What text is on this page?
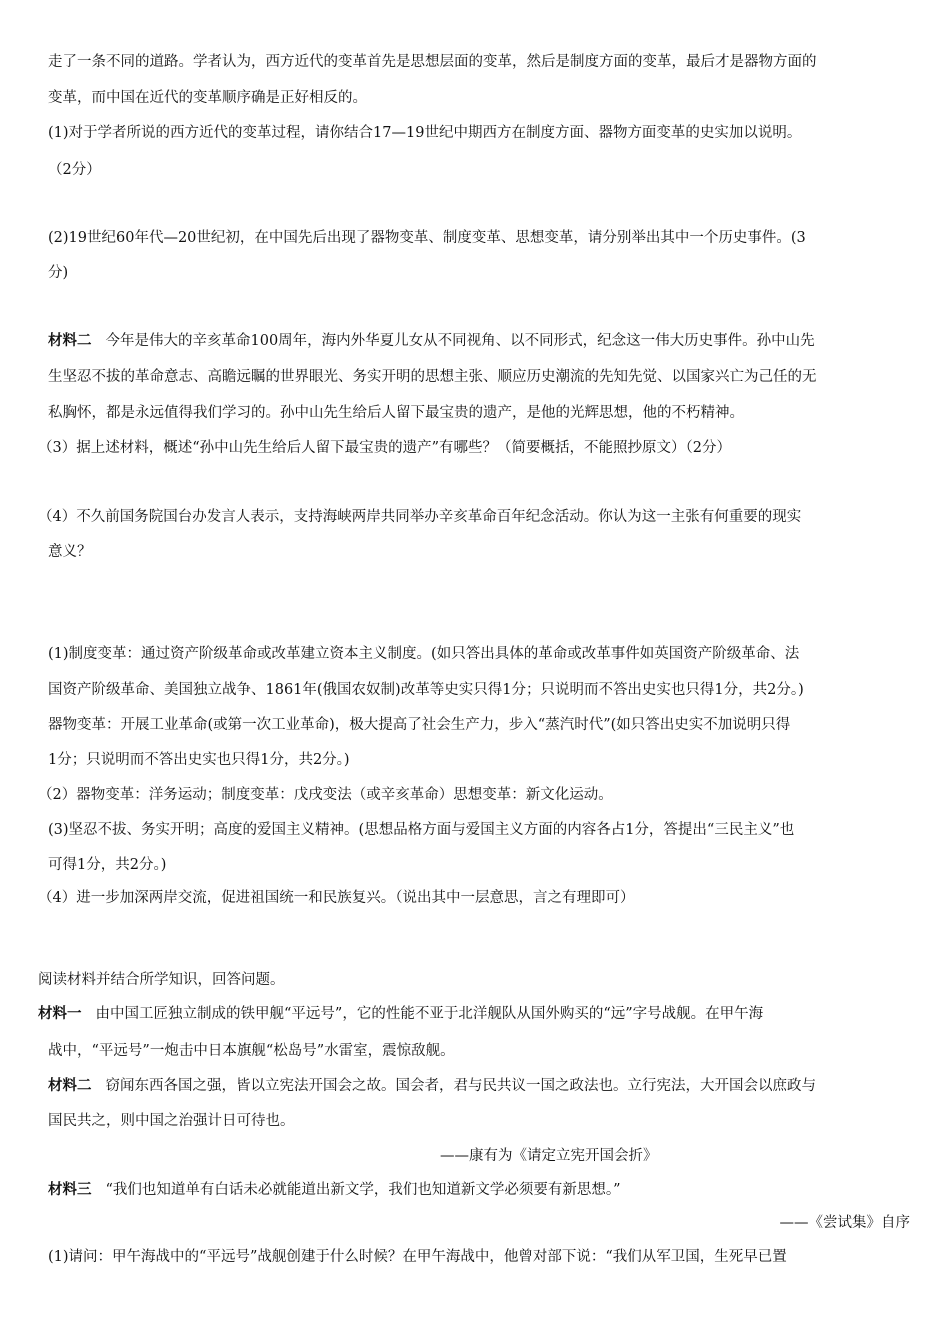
走了一条不同的道路。学者认为，西方近代的变革首先是思想层面的变革，然后是制度方面的变革，最后才是器物方面的
变革，而中国在近代的变革顺序确是正好相反的。
(1)对于学者所说的西方近代的变革过程，请你结合17—19世纪中期西方在制度方面、器物方面变革的史实加以说明。
（2分）
(2)19世纪60年代—20世纪初，在中国先后出现了器物变革、制度变革、思想变革，请分别举出其中一个历史事件。(3
分)
材料二 今年是伟大的辛亥革命100周年，海内外华夏儿女从不同视角、以不同形式，纪念这一伟大历史事件。孙中山先
生坚忍不拔的革命意志、高瞻远瞩的世界眼光、务实开明的思想主张、顺应历史潮流的先知先觉、以国家兴亡为己任的无
私胸怀，都是永远值得我们学习的。孙中山先生给后人留下最宝贵的遗产，是他的光辉思想，他的不朽精神。
（3）据上述材料，概述“孙中山先生给后人留下最宝贵的遗产”有哪些？（简要概括，不能照抄原文）（2分）
（4）不久前国务院国台办发言人表示，支持海峡两岸共同举办辛亥革命百年纪念活动。你认为这一主张有何重要的现实
意义？
(1)制度变革：通过资产阶级革命或改革建立资本主义制度。(如只答出具体的革命或改革事件如英国资产阶级革命、法
国资产阶级革命、美国独立战争、1861年(俄国农奴制)改革等史实只得1分；只说明而不答出史实也只得1分，共2分。)
器物变革：开展工业革命(或第一次工业革命)，极大提高了社会生产力，步入“蒸汽时代”(如只答出史实不加说明只得
1分；只说明而不答出史实也只得1分，共2分。)
（2）器物变革：洋务运动；制度变革：戊戌变法（或辛亥革命）思想变革：新文化运动。
(3)坚忍不拔、务实开明；高度的爱国主义精神。(思想品格方面与爱国主义方面的内容各占1分，答提出“三民主义”也
可得1分，共2分。)
（4）进一步加深两岸交流，促进祖国统一和民族复兴。（说出其中一层意思，言之有理即可）
阅读材料并结合所学知识，回答问题。
材料一 由中国工匠独立制成的铁甲舰“平远号”，它的性能不亚于北洋舰队从国外购买的“远”字号战舰。在甲午海
战中，“平远号”一炮击中日本旗舰“松岛号”水雷室，震惊敌舰。
材料二 窃闻东西各国之强，皆以立宪法开国会之故。国会者，君与民共议一国之政法也。立行宪法，大开国会以庶政与
国民共之，则中国之治强计日可待也。
——康有为《请定立宪开国会折》
材料三 “我们也知道单有白话未必就能道出新文学，我们也知道新文学必须要有新思想。”
——《尝试集》自序
(1)请问：甲午海战中的“平远号”战舰创建于什么时候？在甲午海战中，他曾对部下说：“我们从军卫国，生死早已置
